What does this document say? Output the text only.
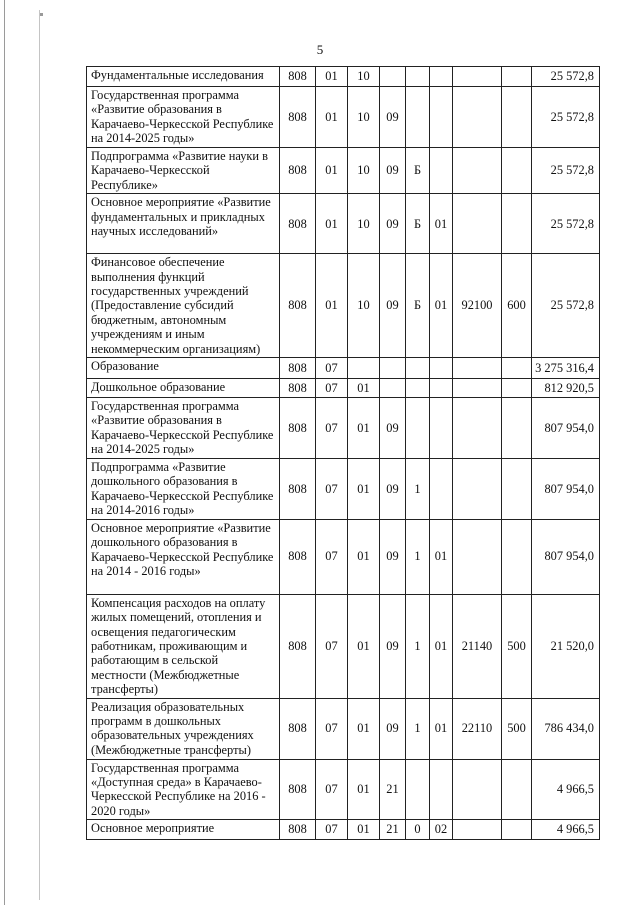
5
Фундаментальные исследования	808	01	10						25 572,8
Государственная программа «Развитие образования в Карачаево-Черкесской Республике на 2014-2025 годы»	808	01	10	09					25 572,8
Подпрограмма «Развитие науки в Карачаево-Черкесской Республике»	808	01	10	09	Б				25 572,8
Основное мероприятие «Развитие фундаментальных и прикладных научных исследований»	808	01	10	09	Б	01			25 572,8
Финансовое обеспечение выполнения функций государственных учреждений (Предоставление субсидий бюджетным, автономным учреждениям и иным некоммерческим организациям)	808	01	10	09	Б	01	92100	600	25 572,8
Образование	808	07							3 275 316,4
Дошкольное образование	808	07	01						812 920,5
Государственная программа «Развитие образования в Карачаево-Черкесской Республике на 2014-2025 годы»	808	07	01	09					807 954,0
Подпрограмма «Развитие дошкольного образования в Карачаево-Черкесской Республике на 2014-2016 годы»	808	07	01	09	1				807 954,0
Основное мероприятие «Развитие дошкольного образования в Карачаево-Черкесской Республике на 2014 - 2016 годы»	808	07	01	09	1	01			807 954,0
Компенсация расходов на оплату жилых помещений, отопления и освещения педагогическим работникам, проживающим и работающим в сельской местности (Межбюджетные трансферты)	808	07	01	09	1	01	21140	500	21 520,0
Реализация образовательных программ в дошкольных образовательных учреждениях (Межбюджетные трансферты)	808	07	01	09	1	01	22110	500	786 434,0
Государственная программа «Доступная среда» в Карачаево-Черкесской Республике на 2016 - 2020 годы»	808	07	01	21					4 966,5
Основное мероприятие	808	07	01	21	0	02			4 966,5
